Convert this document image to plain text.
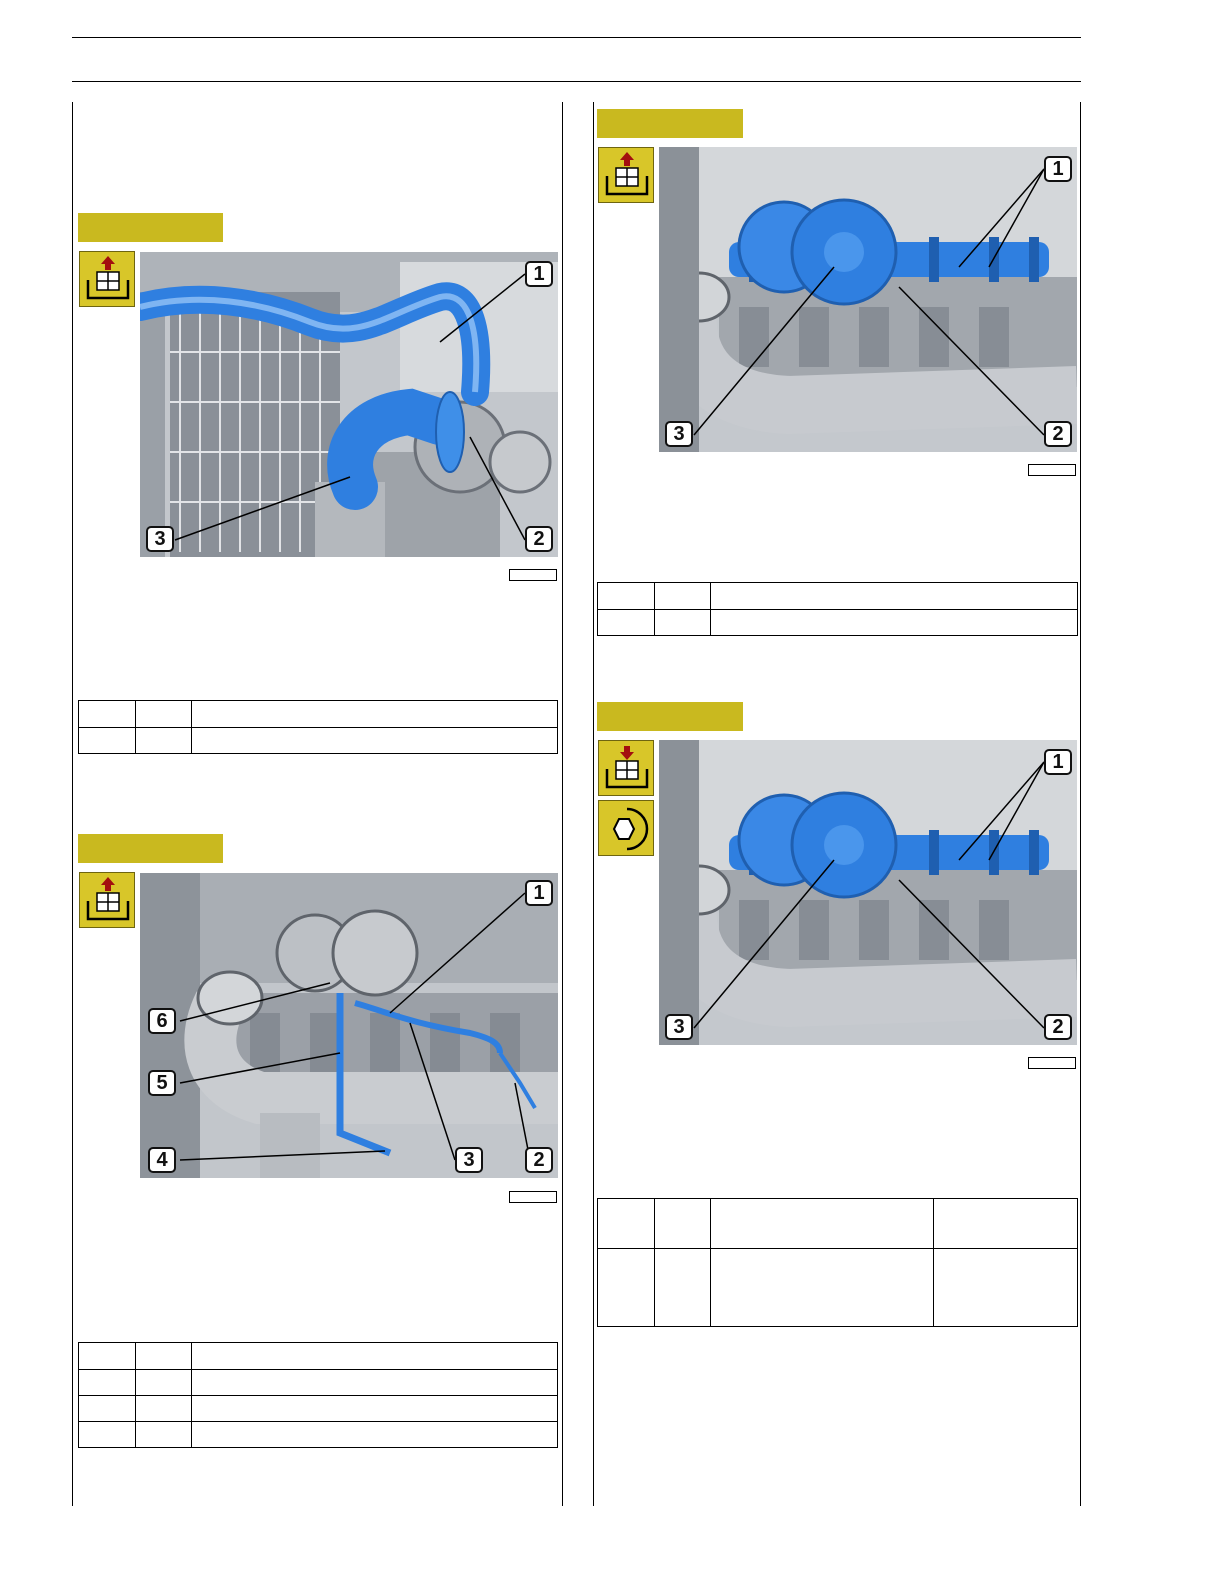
1
2
3

1
2
3
4
5
6

1
2
3

1
2
3
